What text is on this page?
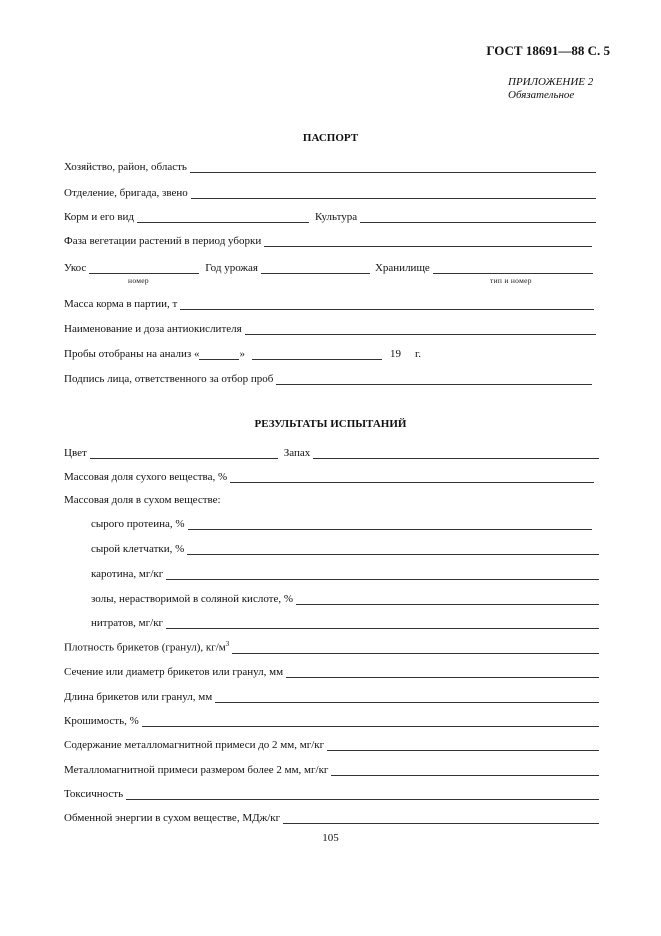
ГОСТ 18691—88 С. 5
ПРИЛОЖЕНИЕ 2
Обязательное
ПАСПОРТ
Хозяйство, район, область
Отделение, бригада, звено
Корм и его вид	Культура
Фаза вегетации растений в период уборки
Укос	Год урожая	Хранилище
номер	тип и номер
Масса корма в партии, т
Наименование и доза антиокислителя
Пробы отобраны на анализ «	»	19	г.
Подпись лица, ответственного за отбор проб
РЕЗУЛЬТАТЫ ИСПЫТАНИЙ
Цвет	Запах
Массовая доля сухого вещества, %
Массовая доля в сухом веществе:
сырого протеина, %
сырой клетчатки, %
каротина, мг/кг
золы, нерастворимой в соляной кислоте, %
нитратов, мг/кг
Плотность брикетов (гранул), $кг/м^3$
Сечение или диаметр брикетов или гранул, мм
Длина брикетов или гранул, мм
Крошимость, %
Содержание металломагнитной примеси до 2 мм, мг/кг
Металломагнитной примеси размером более 2 мм, мг/кг
Токсичность
Обменной энергии в сухом веществе, МДж/кг
105
